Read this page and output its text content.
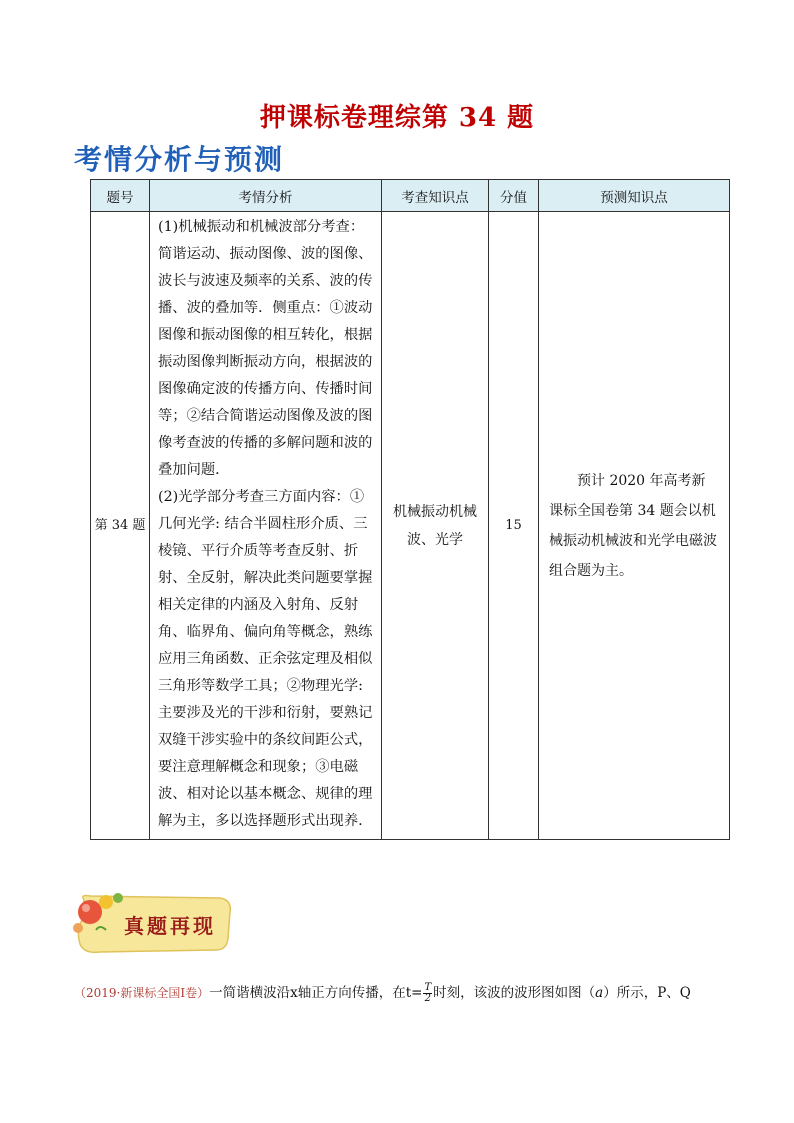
押课标卷理综第 34 题
考情分析与预测
题号	考情分析	考查知识点	分值	预测知识点
第 34 题	(1)机械振动和机械波部分考查：简谐运动、振动图像、波的图像、波长与波速及频率的关系、波的传播、波的叠加等．侧重点：①波动图像和振动图像的相互转化，根据振动图像判断振动方向，根据波的图像确定波的传播方向、传播时间等；②结合简谐运动图像及波的图像考查波的传播的多解问题和波的叠加问题．

(2)光学部分考查三方面内容：①几何光学: 结合半圆柱形介质、三棱镜、平行介质等考查反射、折射、全反射，解决此类问题要掌握相关定律的内涵及入射角、反射角、临界角、偏向角等概念，熟练应用三角函数、正余弦定理及相似三角形等数学工具；②物理光学: 主要涉及光的干涉和衍射，要熟记双缝干涉实验中的条纹间距公式，要注意理解概念和现象；③电磁波、相对论以基本概念、规律的理解为主，多以选择题形式出现养.	机械振动机械波、光学	15	预计 2020 年高考新课标全国卷第 34 题会以机械振动机械波和光学电磁波组合题为主。
真题再现
（2019·新课标全国Ⅰ卷）一简谐横波沿x轴正方向传播，在$t= \frac{T}{2}$ 时刻，该波的波形图如图（a）所示，P、Q
